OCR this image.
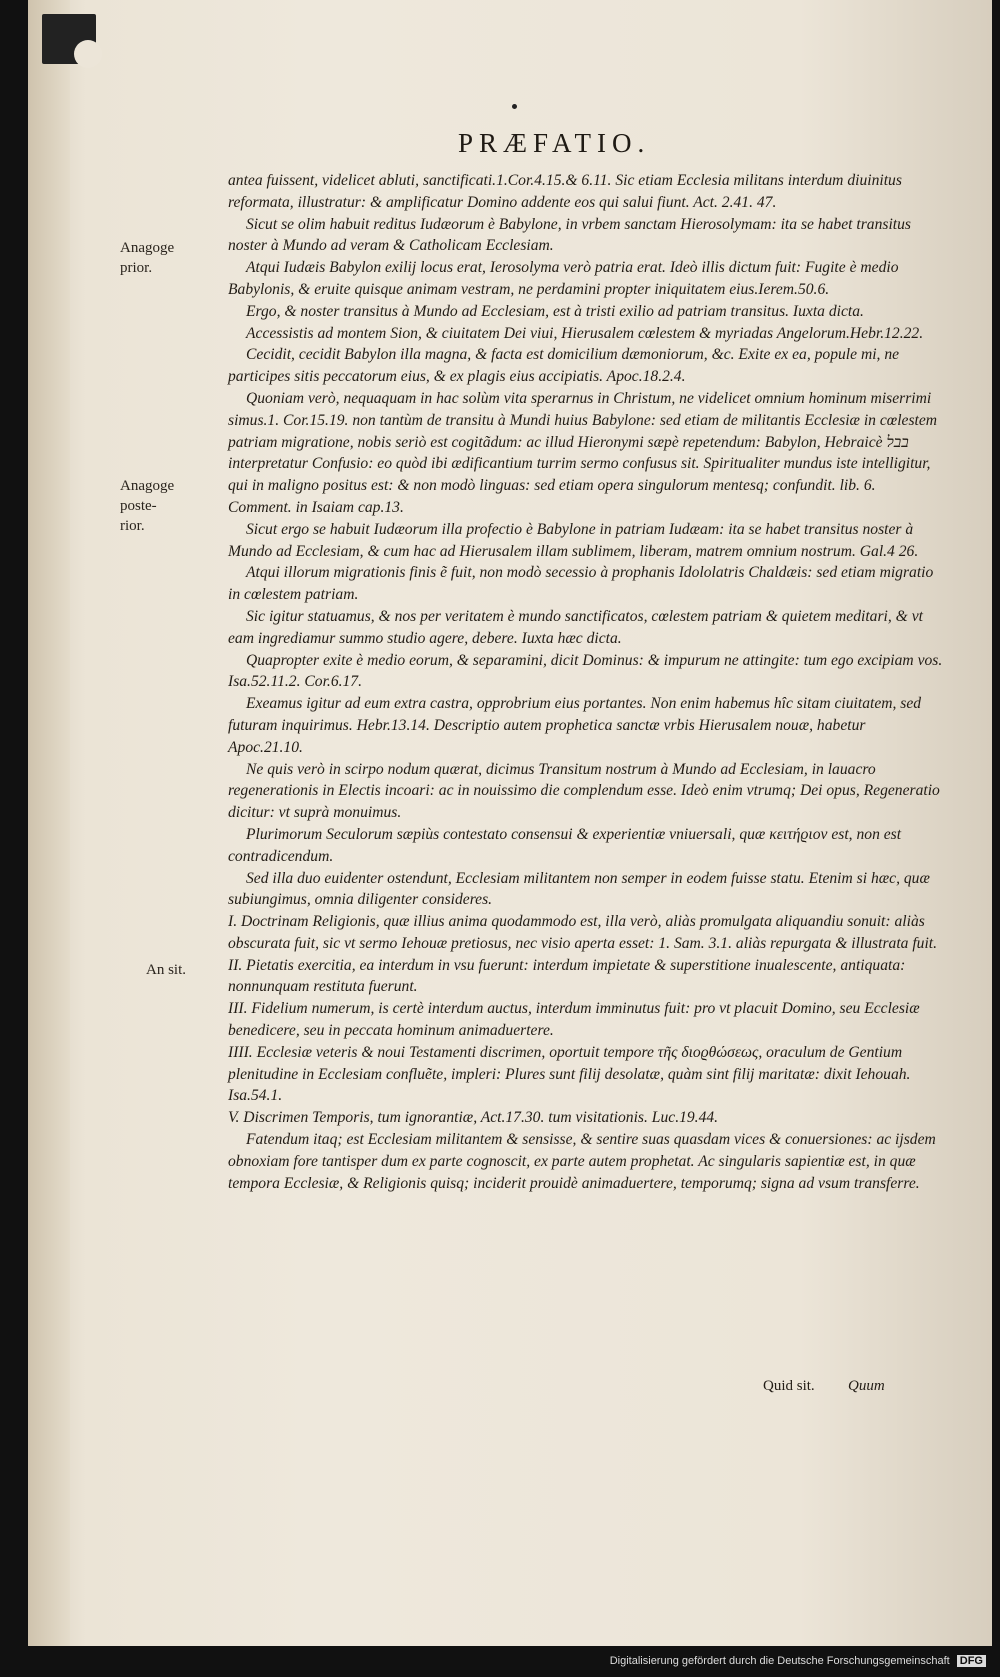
PRÆFATIO.
Anagoge
prior.
Anagoge
poste-
rior.
An sit.

antea fuissent, videlicet abluti, sanctificati.1.Cor.4.15.& 6.11. Sic etiam Ecclesia militans interdum diuinitus reformata, illustratur: & amplificatur Domino addente eos qui salui fiunt. Act. 2.41. 47.

Sicut se olim habuit reditus Iudæorum è Babylone, in vrbem sanctam Hierosolymam: ita se habet transitus noster à Mundo ad veram & Catholicam Ecclesiam.

Atqui Iudæis Babylon exilij locus erat, Ierosolyma verò patria erat. Ideò illis dictum fuit: Fugite è medio Babylonis, & eruite quisque animam vestram, ne perdamini propter iniquitatem eius.Ierem.50.6.

Ergo, & noster transitus à Mundo ad Ecclesiam, est à tristi exilio ad patriam transitus. Iuxta dicta.

Accessistis ad montem Sion, & ciuitatem Dei viui, Hierusalem cœlestem & myriadas Angelorum.Hebr.12.22.

Cecidit, cecidit Babylon illa magna, & facta est domicilium dæmoniorum, &c. Exite ex ea, popule mi, ne participes sitis peccatorum eius, & ex plagis eius accipiatis. Apoc.18.2.4.

Quoniam verò, nequaquam in hac solùm vita sperarnus in Christum, ne videlicet omnium hominum miserrimi simus.1. Cor.15.19. non tantùm de transitu à Mundi huius Babylone: sed etiam de militantis Ecclesiæ in cœlestem patriam migratione, nobis seriò est cogitãdum: ac illud Hieronymi sæpè repetendum: Babylon, Hebraicè בבל interpretatur Confusio: eo quòd ibi ædificantium turrim sermo confusus sit. Spiritualiter mundus iste intelligitur, qui in maligno positus est: & non modò linguas: sed etiam opera singulorum mentesq; confundit. lib. 6. Comment. in Isaiam cap.13.

Sicut ergo se habuit Iudæorum illa profectio è Babylone in patriam Iudæam: ita se habet transitus noster à Mundo ad Ecclesiam, & cum hac ad Hierusalem illam sublimem, liberam, matrem omnium nostrum. Gal.4 26.

Atqui illorum migrationis finis ẽ fuit, non modò secessio à prophanis Idololatris Chaldæis: sed etiam migratio in cœlestem patriam.

Sic igitur statuamus, & nos per veritatem è mundo sanctificatos, cœlestem patriam & quietem meditari, & vt eam ingrediamur summo studio agere, debere. Iuxta hæc dicta.

Quapropter exite è medio eorum, & separamini, dicit Dominus: & impurum ne attingite: tum ego excipiam vos. Isa.52.11.2. Cor.6.17.

Exeamus igitur ad eum extra castra, opprobrium eius portantes. Non enim habemus hîc sitam ciuitatem, sed futuram inquirimus. Hebr.13.14. Descriptio autem prophetica sanctæ vrbis Hierusalem nouæ, habetur Apoc.21.10.

Ne quis verò in scirpo nodum quærat, dicimus Transitum nostrum à Mundo ad Ecclesiam, in lauacro regenerationis in Electis incoari: ac in nouissimo die complendum esse. Ideò enim vtrumq; Dei opus, Regeneratio dicitur: vt suprà monuimus.

Plurimorum Seculorum sæpiùs contestato consensui & experientiæ vniuersali, quæ κειτήϱιον est, non est contradicendum.

Sed illa duo euidenter ostendunt, Ecclesiam militantem non semper in eodem fuisse statu. Etenim si hæc, quæ subiungimus, omnia diligenter consideres.

I. Doctrinam Religionis, quæ illius anima quodammodo est, illa verò, aliàs promulgata aliquandiu sonuit: aliàs obscurata fuit, sic vt sermo Iehouæ pretiosus, nec visio aperta esset: 1. Sam. 3.1. aliàs repurgata & illustrata fuit.

II. Pietatis exercitia, ea interdum in vsu fuerunt: interdum impietate & superstitione inualescente, antiquata: nonnunquam restituta fuerunt.

III. Fidelium numerum, is certè interdum auctus, interdum imminutus fuit: pro vt placuit Domino, seu Ecclesiæ benedicere, seu in peccata hominum animaduertere.

IIII. Ecclesiæ veteris & noui Testamenti discrimen, oportuit tempore τῆς διοϱθώσεως, oraculum de Gentium plenitudine in Ecclesiam confluẽte, impleri: Plures sunt filij desolatæ, quàm sint filij maritatæ: dixit Iehouah. Isa.54.1.

V. Discrimen Temporis, tum ignorantiæ, Act.17.30. tum visitationis. Luc.19.44.

Fatendum itaq; est Ecclesiam militantem & sensisse, & sentire suas quasdam vices & conuersiones: ac ijsdem obnoxiam fore tantisper dum ex parte cognoscit, ex parte autem prophetat. Ac singularis sapientiæ est, in quæ tempora Ecclesiæ, & Religionis quisq; inciderit prouidè animaduertere, temporumq; signa ad vsum transferre.

Quid sit. Quum
Digitalisierung gefördert durch die Deutsche Forschungsgemeinschaft DFG
